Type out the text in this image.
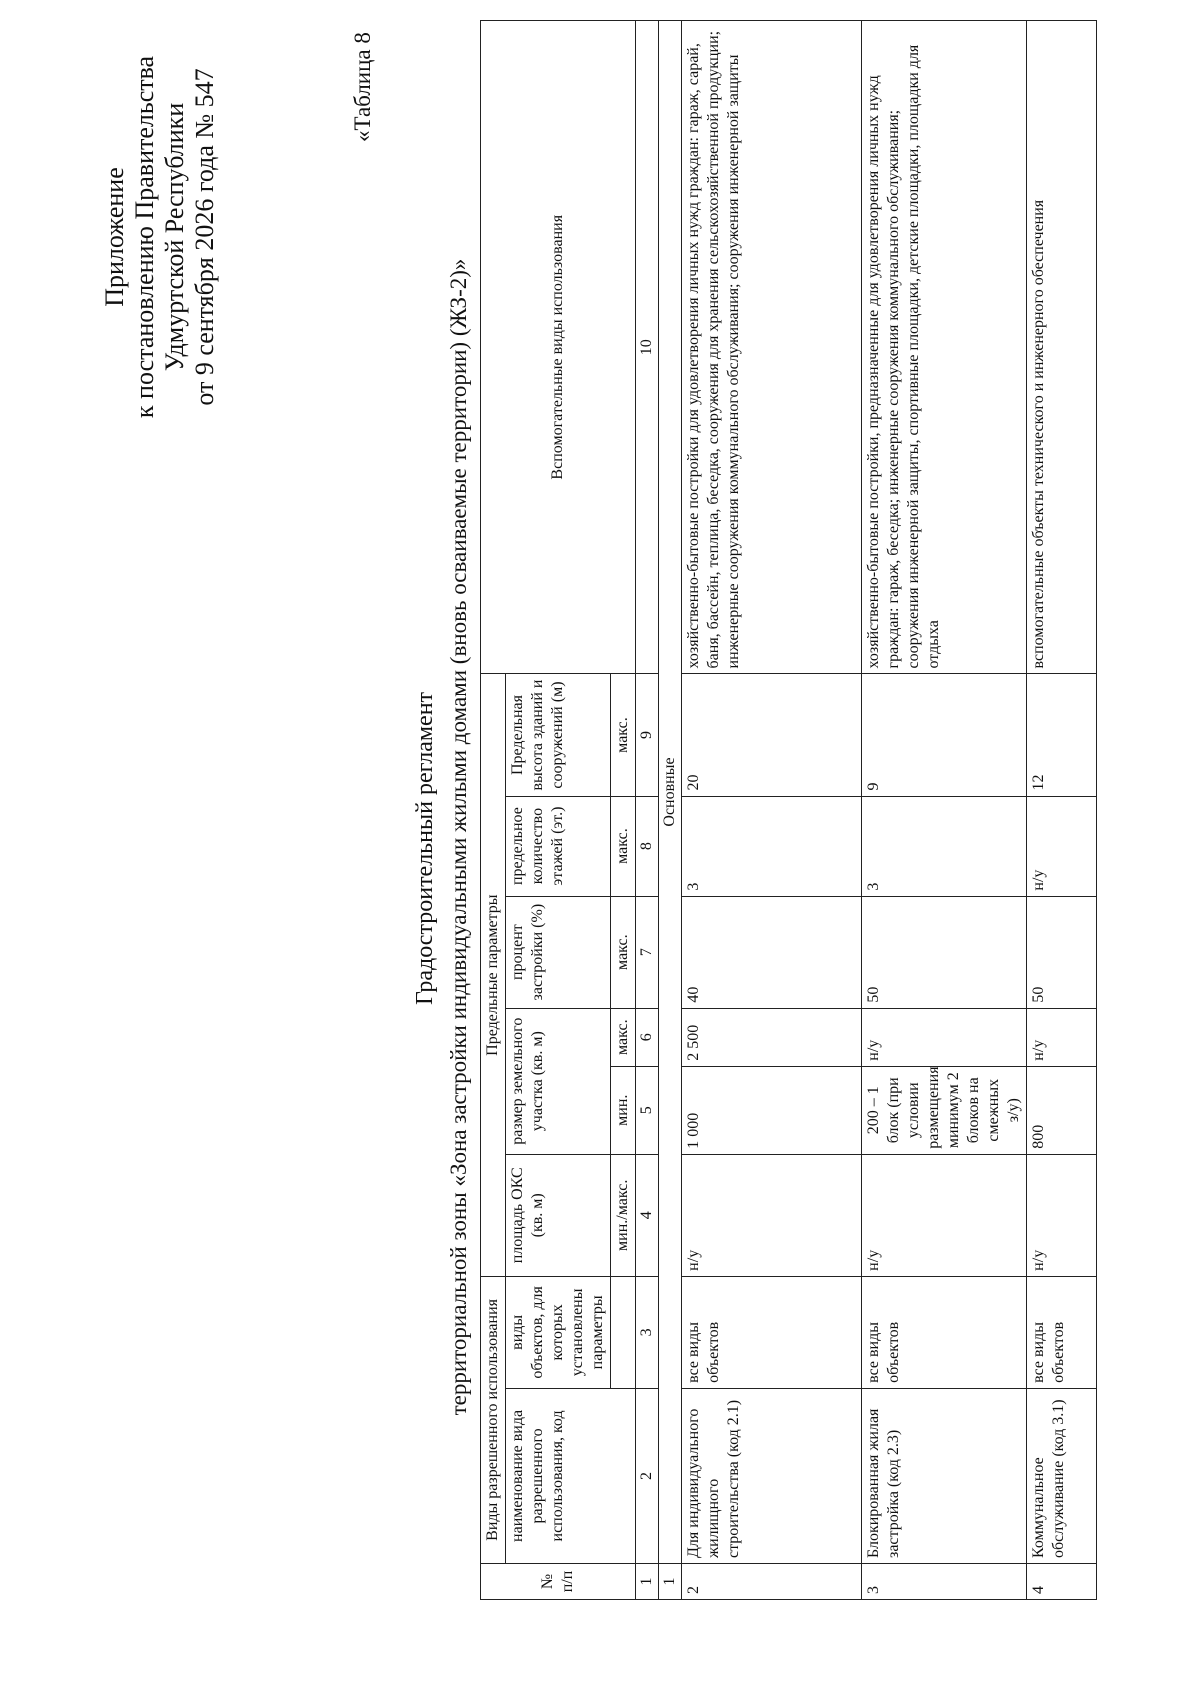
Приложение к постановлению Правительства Удмуртской Республики от 9 сентября 2026 года № 547	«Таблица 8
Градостроительный регламент территориальной зоны «Зона застройки индивидуальными жилыми домами (вновь осваиваемые территории) (ЖЗ-2)»
№ п/п	Виды разрешенного использования		Предельные параметры						Вспомогательные виды использования
	наименование вида разрешенного использования, код	виды объектов, для которых установлены параметры	площадь ОКС (кв. м)	размер земельного участка (кв. м)		процент застройки (%)	предельное количество этажей (эт.)	Предельная высота зданий и сооружений (м)	
			мин./макс.	мин.	макс.	макс.	макс.	макс.	
1	2	3	4	5	6	7	8	9	10
1	Основные								
2	Для индивидуального жилищного строительства (код 2.1)	все виды объектов	н/у	1 000	2 500	40	3	20	хозяйственно-бытовые постройки для удовлетворения личных нужд граждан: гараж, сарай, баня, бассейн, теплица, беседка, сооружения для хранения сельскохозяйственной продукции; инженерные сооружения коммунального обслуживания; сооружения инженерной защиты
3	Блокированная жилая застройка (код 2.3)	все виды объектов	н/у	200 – 1 блок (при условии размещения минимум 2 блоков на смежных з/у)	н/у	50	3	9	хозяйственно-бытовые постройки, предназначенные для удовлетворения личных нужд граждан: гараж, беседка; инженерные сооружения коммунального обслуживания; сооружения инженерной защиты, спортивные площадки, детские площадки, площадки для отдыха
4	Коммунальное обслуживание (код 3.1)	все виды объектов	н/у	800	н/у	50	н/у	12	вспомогательные объекты технического и инженерного обеспечения
